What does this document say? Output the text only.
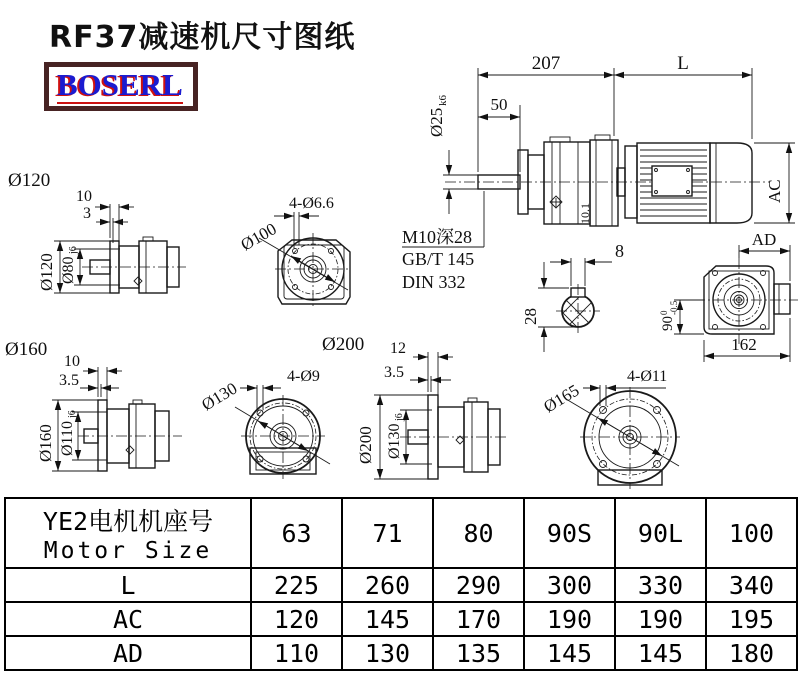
RF37减速机尺寸图纸
BOSERL
10.1
207	L
50
Ø25
k6
M10深28
GB/T 145
DIN 332
AC
8
28
AD
90
0 -0.5
162
Ø120
10
3
Ø120 Ø80
j6
4-Ø6.6
Ø100
Ø160
10
3.5
Ø160 Ø110
j6
Ø200
4-Ø9
Ø130
12
3.5
Ø200 Ø130
j6
4-Ø11
Ø165
YE2电机机座号
Motor Size	63	71	80	90S	90L	100
L	225	260	290	300	330	340
AC	120	145	170	190	190	195
AD	110	130	135	145	145	180
